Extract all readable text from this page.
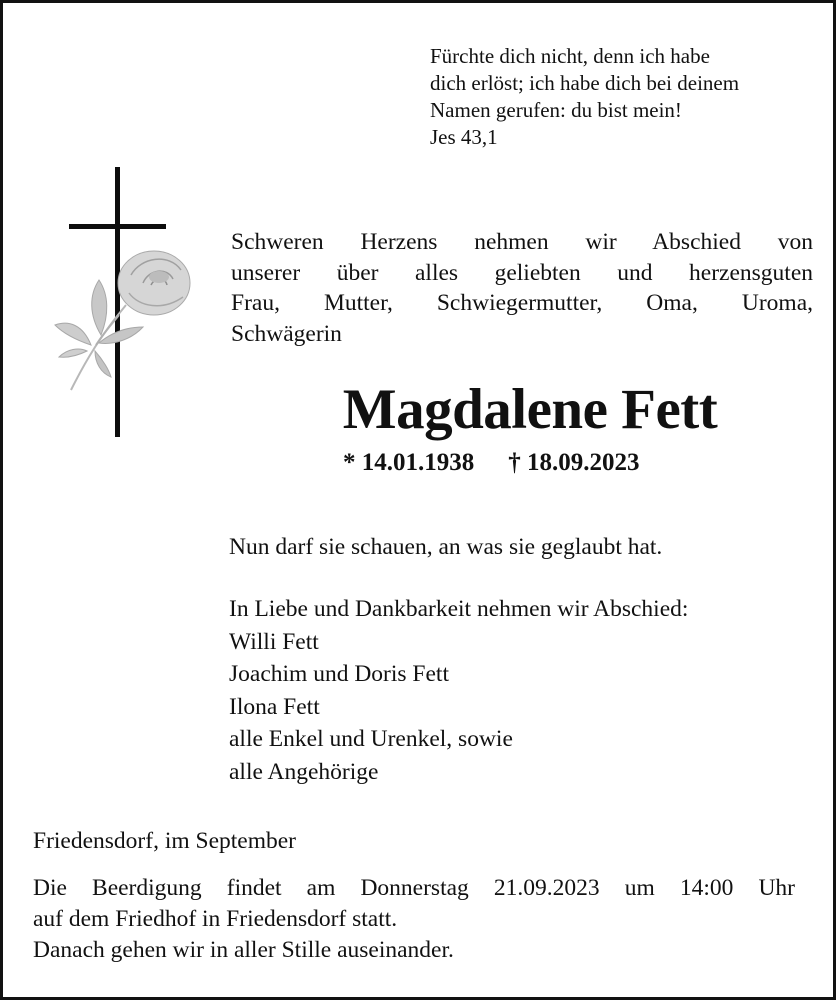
Fürchte dich nicht, denn ich habe
dich erlöst; ich habe dich bei deinem
Namen gerufen: du bist mein!
Jes 43,1
Schweren Herzens nehmen wir Abschied von
unserer über alles geliebten und herzensguten
Frau, Mutter, Schwiegermutter, Oma, Uroma,
Schwägerin
Magdalene Fett
* 14.01.1938 † 18.09.2023
Nun darf sie schauen, an was sie geglaubt hat.
In Liebe und Dankbarkeit nehmen wir Abschied:
Willi Fett
Joachim und Doris Fett
Ilona Fett
alle Enkel und Urenkel, sowie
alle Angehörige
Friedensdorf, im September
Die Beerdigung findet am Donnerstag 21.09.2023 um 14:00 Uhr
auf dem Friedhof in Friedensdorf statt.
Danach gehen wir in aller Stille auseinander.
